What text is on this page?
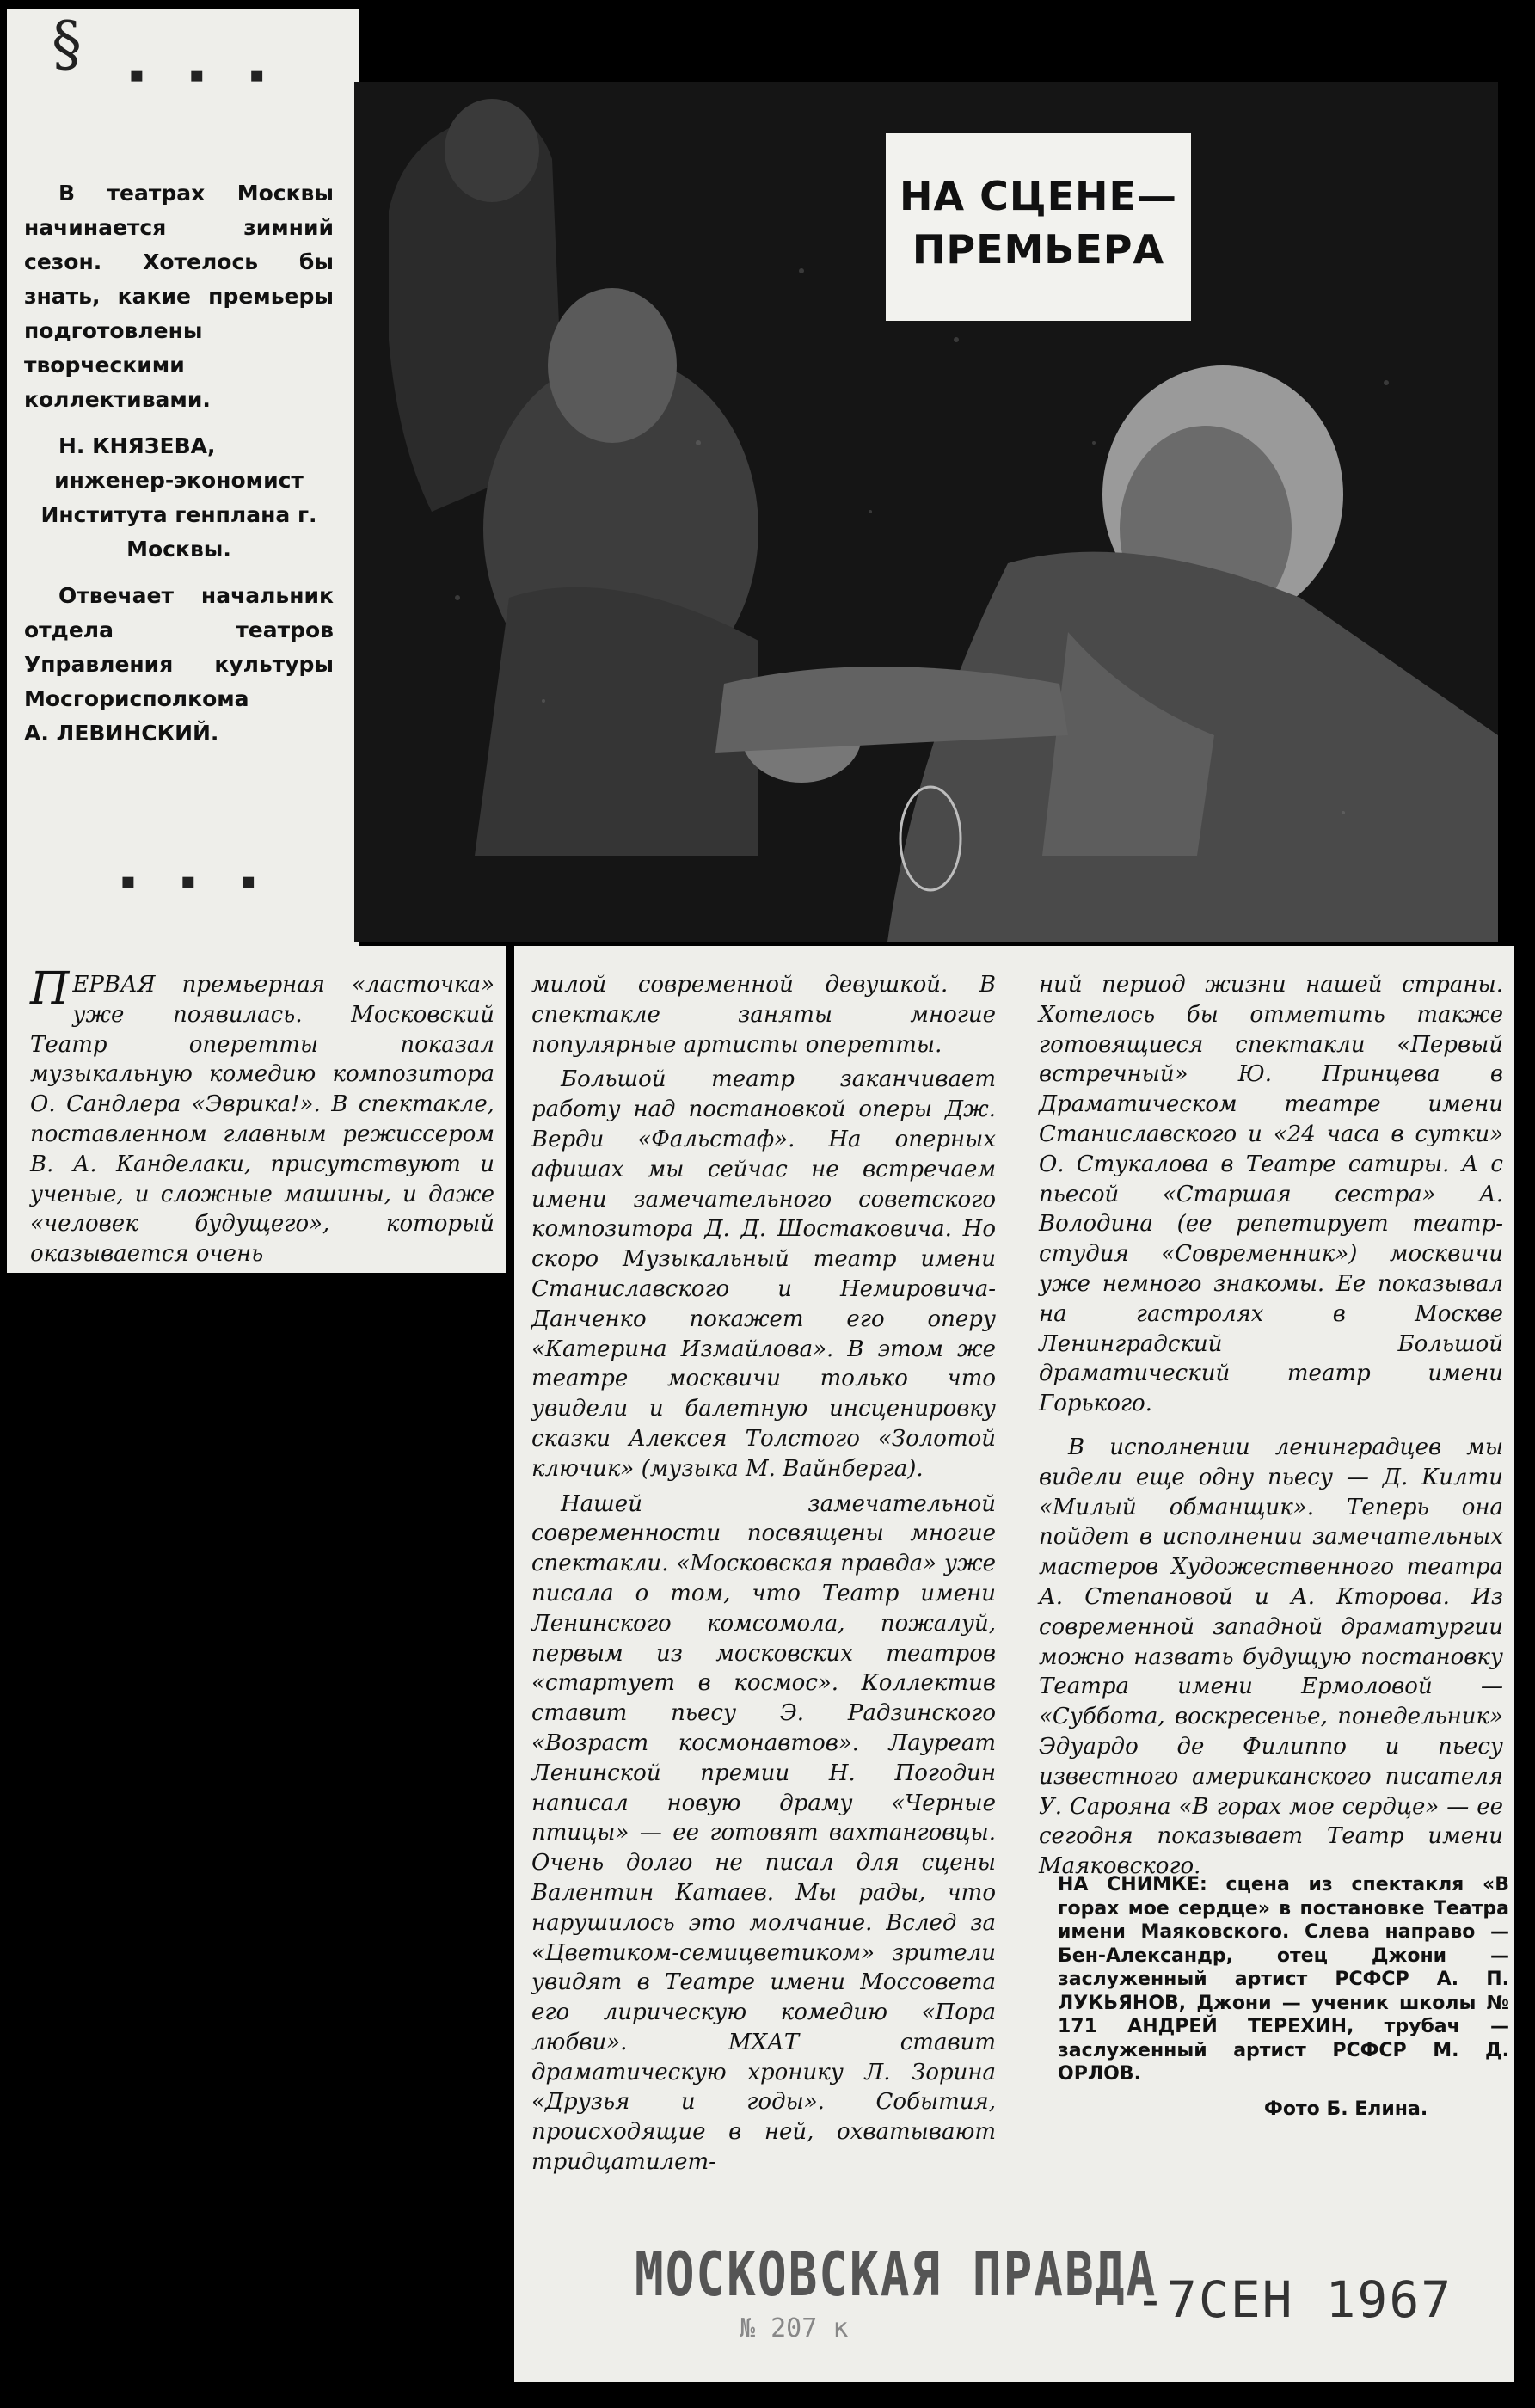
§ ▪ ▪ ▪
НА СЦЕНЕ—
ПРЕМЬЕРА

В театрах Москвы начинается зимний сезон. Хотелось бы знать, какие премьеры подготовлены творческими коллективами.

Н. КНЯЗЕВА,

инженер-экономист

Института генплана г. Москвы.

Отвечает начальник отдела театров Управления культуры Мосгорисполкома

А. ЛЕВИНСКИЙ.

▪ ▪ ▪

ПЕРВАЯ премьерная «ласточка» уже появилась. Московский Театр оперетты показал музыкальную комедию композитора О. Сандлера «Эврика!». В спектакле, поставленном главным режиссером В. А. Канделаки, присутствуют и ученые, и сложные машины, и даже «человек будущего», который оказывается очень

милой современной девушкой. В спектакле заняты многие популярные артисты оперетты.

Большой театр заканчивает работу над постановкой оперы Дж. Верди «Фальстаф». На оперных афишах мы сейчас не встречаем имени замечательного советского композитора Д. Д. Шостаковича. Но скоро Музыкальный театр имени Станиславского и Немировича-Данченко покажет его оперу «Катерина Измайлова». В этом же театре москвичи только что увидели и балетную инсценировку сказки Алексея Толстого «Золотой ключик» (музыка М. Вайнберга).

Нашей замечательной современности посвящены многие спектакли. «Московская правда» уже писала о том, что Театр имени Ленинского комсомола, пожалуй, первым из московских театров «стартует в космос». Коллектив ставит пьесу Э. Радзинского «Возраст космонавтов». Лауреат Ленинской премии Н. Погодин написал новую драму «Черные птицы» — ее готовят вахтанговцы. Очень долго не писал для сцены Валентин Катаев. Мы рады, что нарушилось это молчание. Вслед за «Цветиком-семицветиком» зрители увидят в Театре имени Моссовета его лирическую комедию «Пора любви». МХАТ ставит драматическую хронику Л. Зорина «Друзья и годы». События, происходящие в ней, охватывают тридцатилет-

ний период жизни нашей страны. Хотелось бы отметить также готовящиеся спектакли «Первый встречный» Ю. Принцева в Драматическом театре имени Станиславского и «24 часа в сутки» О. Стукалова в Театре сатиры. А с пьесой «Старшая сестра» А. Володина (ее репетирует театр-студия «Современник») москвичи уже немного знакомы. Ее показывал на гастролях в Москве Ленинградский Большой драматический театр имени Горького.

В исполнении ленинградцев мы видели еще одну пьесу — Д. Килти «Милый обманщик». Теперь она пойдет в исполнении замечательных мастеров Художественного театра А. Степановой и А. Кторова. Из современной западной драматургии можно назвать будущую постановку Театра имени Ермоловой — «Суббота, воскресенье, понедельник» Эдуардо де Филиппо и пьесу известного американского писателя У. Сарояна «В горах мое сердце» — ее сегодня показывает Театр имени Маяковского.

НА СНИМКЕ: сцена из спектакля «В горах мое сердце» в постановке Театра имени Маяковского. Слева направо — Бен-Александр, отец Джони — заслуженный артист РСФСР А. П. ЛУКЬЯНОВ, Джони — ученик школы № 171 АНДРЕЙ ТЕРЕХИН, трубач — заслуженный артист РСФСР М. Д. ОРЛОВ.
Фото Б. Елина.
МОСКОВСКАЯ ПРАВДА
№ 207 к	-7СЕН 1967
